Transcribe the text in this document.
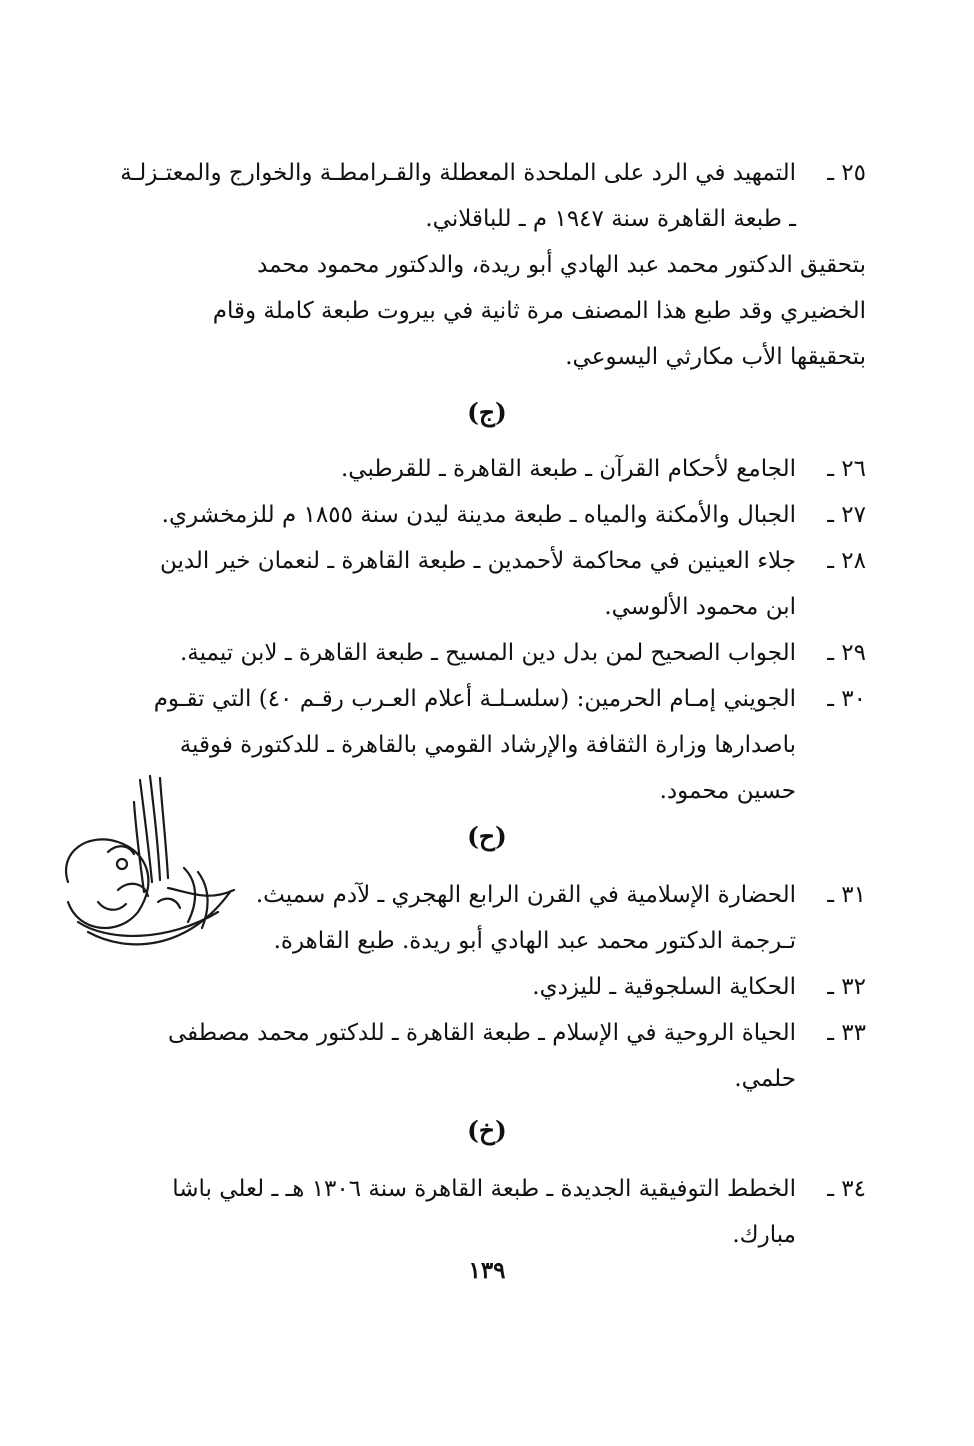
٢٥ ـ
التمهيد في الرد على الملحدة المعطلة والقـرامطـة والخوارج والمعتـزلـة
ـ طبعة القاهرة سنة ١٩٤٧ م ـ للباقلاني.
بتحقيق الدكتور محمد عبد الهادي أبو ريدة، والدكتور محمود محمد
الخضيري وقد طبع هذا المصنف مرة ثانية في بيروت طبعة كاملة وقام
بتحقيقها الأب مكارثي اليسوعي.
(ج)
٢٦ ـ
الجامع لأحكام القرآن ـ طبعة القاهرة ـ للقرطبي.
٢٧ ـ
الجبال والأمكنة والمياه ـ طبعة مدينة ليدن سنة ١٨٥٥ م للزمخشري.
٢٨ ـ
جلاء العينين في محاكمة لأحمدين ـ طبعة القاهرة ـ لنعمان خير الدين
ابن محمود الألوسي.
٢٩ ـ
الجواب الصحيح لمن بدل دين المسيح ـ طبعة القاهرة ـ لابن تيمية.
٣٠ ـ
الجويني إمـام الحرمين: (سلسـلـة أعلام العـرب رقـم ٤٠) التي تقـوم
باصدارها وزارة الثقافة والإرشاد القومي بالقاهرة ـ للدكتورة فوقية
حسين محمود.
(ح)
٣١ ـ
الحضارة الإسلامية في القرن الرابع الهجري ـ لآدم سميث.
تـرجمة الدكتور محمد عبد الهادي أبو ريدة. طبع القاهرة.
٣٢ ـ
الحكاية السلجوقية ـ لليزدي.
٣٣ ـ
الحياة الروحية في الإسلام ـ طبعة القاهرة ـ للدكتور محمد مصطفى
حلمي.
(خ)
٣٤ ـ
الخطط التوفيقية الجديدة ـ طبعة القاهرة سنة ١٣٠٦ هـ ـ لعلي باشا
مبارك.
١٣٩
